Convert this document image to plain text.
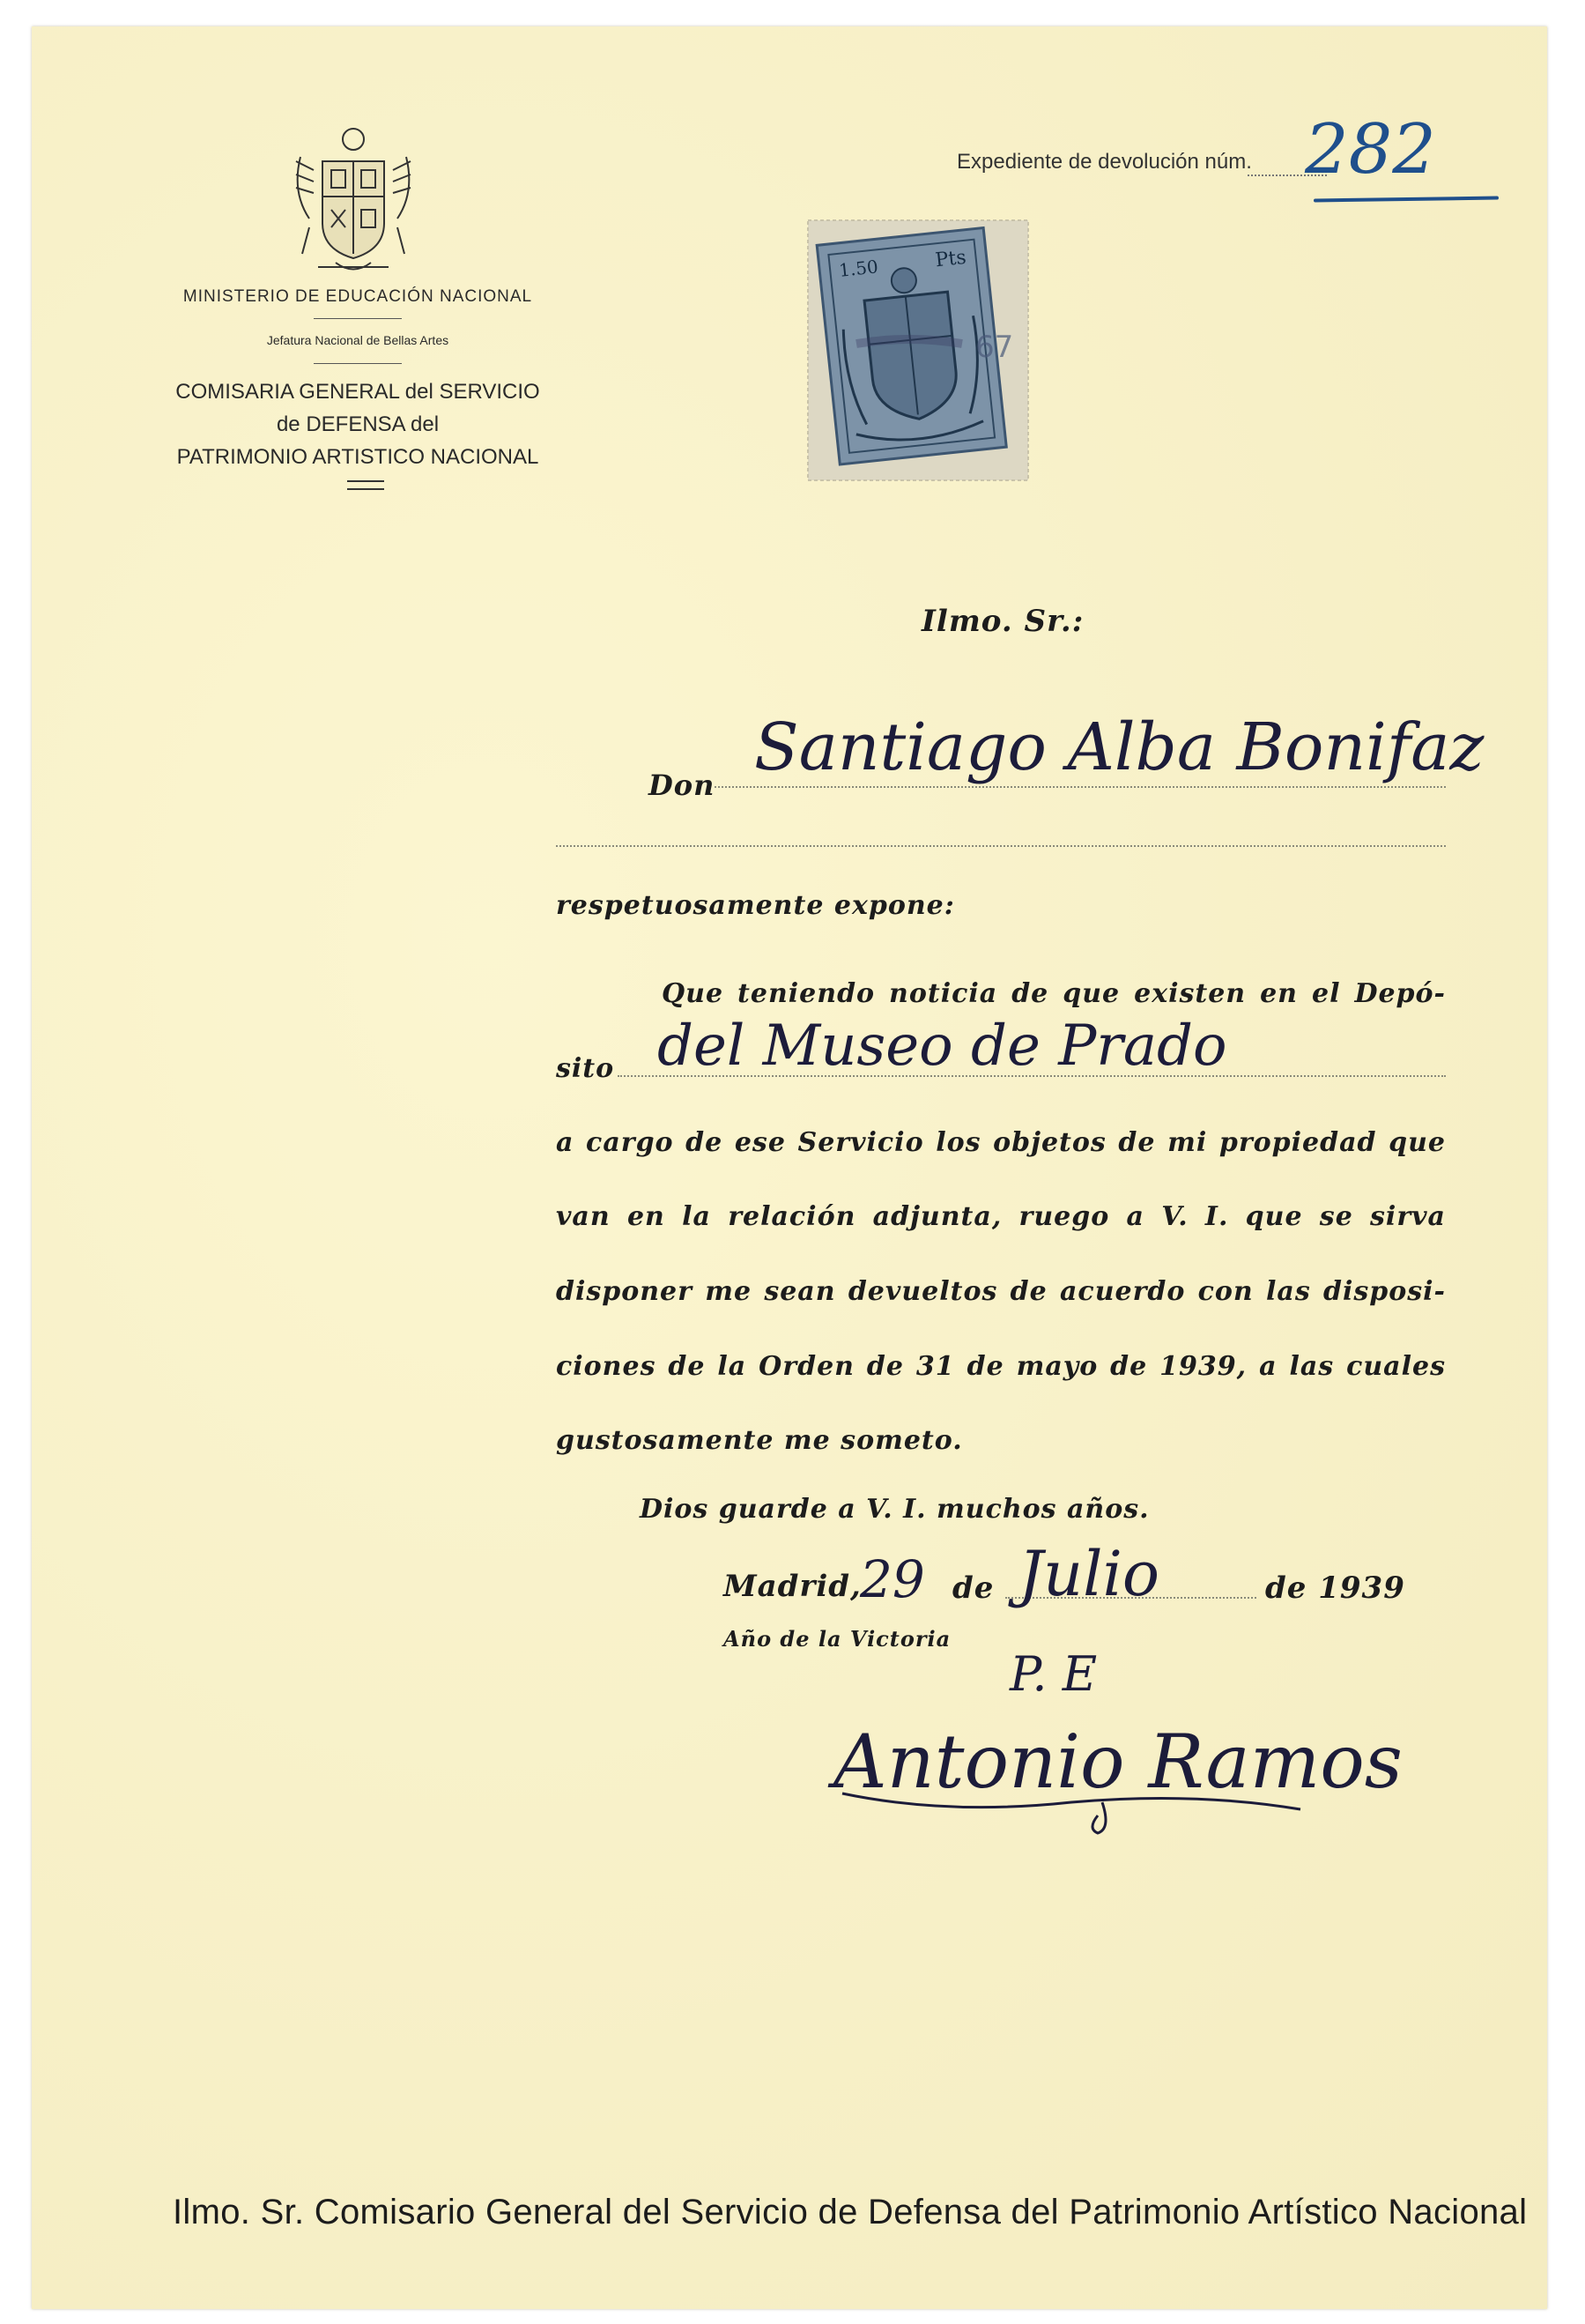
MINISTERIO DE EDUCACIÓN NACIONAL
Jefatura Nacional de Bellas Artes
COMISARIA GENERAL del SERVICIO
de DEFENSA del
PATRIMONIO ARTISTICO NACIONAL
Expediente de devolución núm. 282
1.50	Pts
67
Ilmo. Sr.:
Don Santiago Alba Bonifaz
respetuosamente expone:
Que teniendo noticia de que existen en el Depó-
sito del Museo de Prado
a cargo de ese Servicio los objetos de mi propiedad que
van en la relación adjunta, ruego a V. I. que se sirva
disponer me sean devueltos de acuerdo con las disposi-
ciones de la Orden de 31 de mayo de 1939, a las cuales
gustosamente me someto.
Dios guarde a V. I. muchos años.
Madrid,
29 de Julio	de 1939
Año de la Victoria
P. E
Antonio Ramos
Ilmo. Sr. Comisario General del Servicio de Defensa del Patrimonio Artístico Nacional
